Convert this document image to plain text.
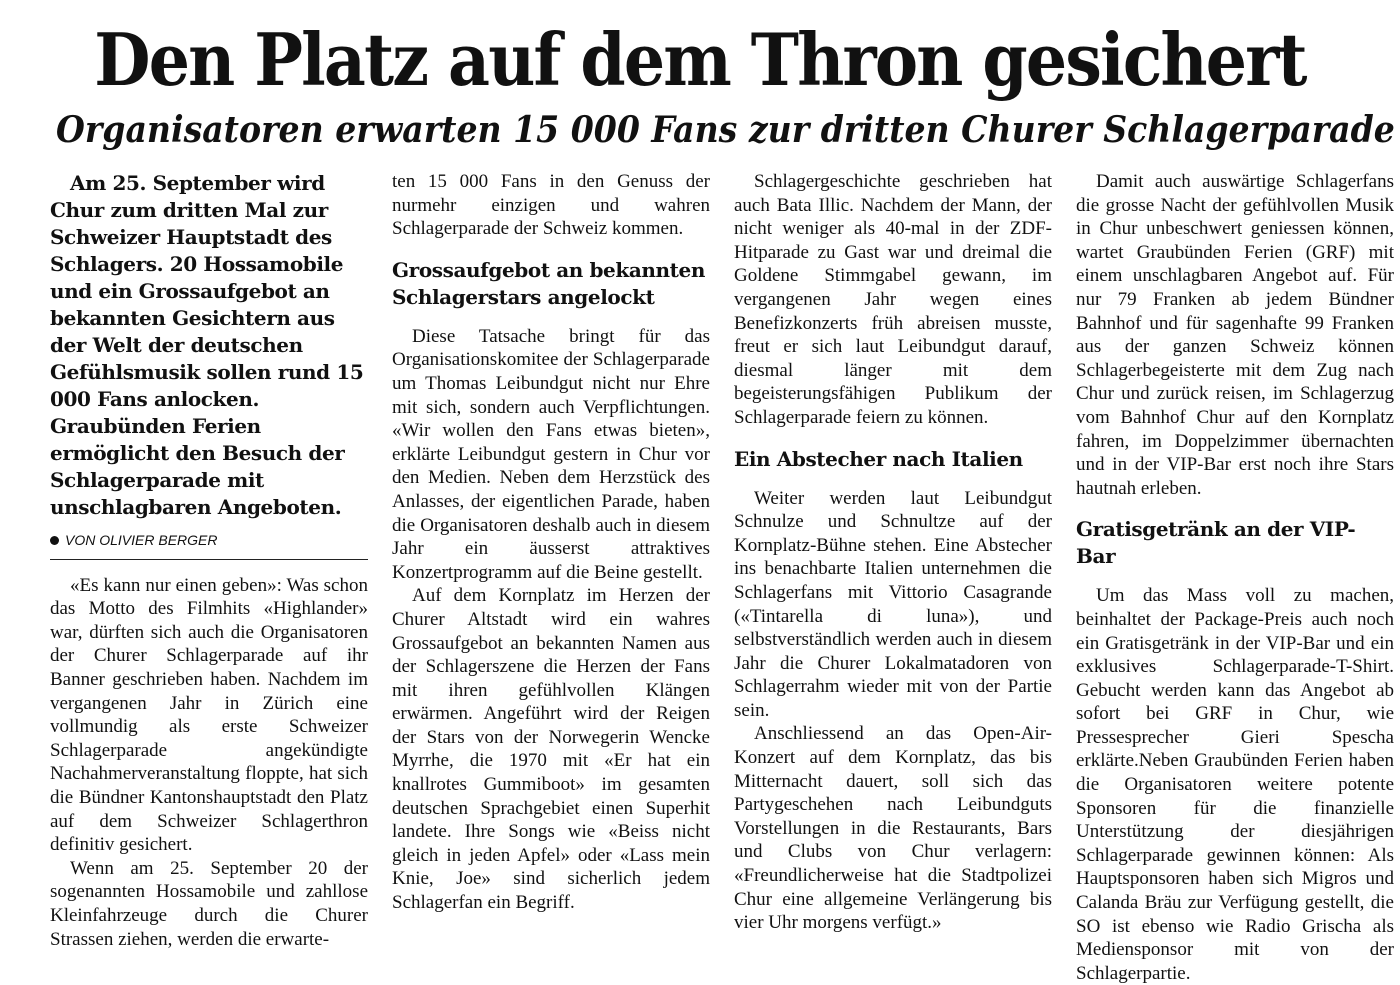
Den Platz auf dem Thron gesichert
Organisatoren erwarten 15 000 Fans zur dritten Churer Schlagerparade

Am 25. September wird Chur zum dritten Mal zur Schweizer Hauptstadt des Schlagers. 20 Hossamobile und ein Grossaufgebot an bekannten Gesichtern aus der Welt der deutschen Gefühlsmusik sollen rund 15 000 Fans anlocken. Graubünden Ferien ermöglicht den Besuch der Schlagerparade mit unschlagbaren Angeboten.

VON OLIVIER BERGER

«Es kann nur einen geben»: Was schon das Motto des Filmhits «Highlander» war, dürften sich auch die Organisatoren der Churer Schlagerparade auf ihr Banner geschrieben haben. Nachdem im vergangenen Jahr in Zürich eine vollmundig als erste Schweizer Schlagerparade angekündigte Nachahmerveranstaltung floppte, hat sich die Bündner Kantonshauptstadt den Platz auf dem Schweizer Schlagerthron definitiv gesichert.

Wenn am 25. September 20 der sogenannten Hossamobile und zahllose Kleinfahrzeuge durch die Churer Strassen ziehen, werden die erwarte-

ten 15 000 Fans in den Genuss der nurmehr einzigen und wahren Schlagerparade der Schweiz kommen.

Grossaufgebot an bekannten Schlagerstars angelockt

Diese Tatsache bringt für das Organisationskomitee der Schlagerparade um Thomas Leibundgut nicht nur Ehre mit sich, sondern auch Verpflichtungen. «Wir wollen den Fans etwas bieten», erklärte Leibundgut gestern in Chur vor den Medien. Neben dem Herzstück des Anlasses, der eigentlichen Parade, haben die Organisatoren deshalb auch in diesem Jahr ein äusserst attraktives Konzertprogramm auf die Beine gestellt.

Auf dem Kornplatz im Herzen der Churer Altstadt wird ein wahres Grossaufgebot an bekannten Namen aus der Schlagerszene die Herzen der Fans mit ihren gefühlvollen Klängen erwärmen. Angeführt wird der Reigen der Stars von der Norwegerin Wencke Myrrhe, die 1970 mit «Er hat ein knallrotes Gummiboot» im gesamten deutschen Sprachgebiet einen Superhit landete. Ihre Songs wie «Beiss nicht gleich in jeden Apfel» oder «Lass mein Knie, Joe» sind sicherlich jedem Schlagerfan ein Begriff.

Schlagergeschichte geschrieben hat auch Bata Illic. Nachdem der Mann, der nicht weniger als 40-mal in der ZDF-Hitparade zu Gast war und dreimal die Goldene Stimmgabel gewann, im vergangenen Jahr wegen eines Benefizkonzerts früh abreisen musste, freut er sich laut Leibundgut darauf, diesmal länger mit dem begeisterungsfähigen Publikum der Schlagerparade feiern zu können.

Ein Abstecher nach Italien

Weiter werden laut Leibundgut Schnulze und Schnultze auf der Kornplatz-Bühne stehen. Eine Abstecher ins benachbarte Italien unternehmen die Schlagerfans mit Vittorio Casagrande («Tintarella di luna»), und selbstverständlich werden auch in diesem Jahr die Churer Lokalmatadoren von Schlagerrahm wieder mit von der Partie sein.

Anschliessend an das Open-Air-Konzert auf dem Kornplatz, das bis Mitternacht dauert, soll sich das Partygeschehen nach Leibundguts Vorstellungen in die Restaurants, Bars und Clubs von Chur verlagern: «Freundlicherweise hat die Stadtpolizei Chur eine allgemeine Verlängerung bis vier Uhr morgens verfügt.»

Damit auch auswärtige Schlagerfans die grosse Nacht der gefühlvollen Musik in Chur unbeschwert geniessen können, wartet Graubünden Ferien (GRF) mit einem unschlagbaren Angebot auf. Für nur 79 Franken ab jedem Bündner Bahnhof und für sagenhafte 99 Franken aus der ganzen Schweiz können Schlagerbegeisterte mit dem Zug nach Chur und zurück reisen, im Schlagerzug vom Bahnhof Chur auf den Kornplatz fahren, im Doppelzimmer übernachten und in der VIP-Bar erst noch ihre Stars hautnah erleben.

Gratisgetränk an der VIP-Bar

Um das Mass voll zu machen, beinhaltet der Package-Preis auch noch ein Gratisgetränk in der VIP-Bar und ein exklusives Schlagerparade-T-Shirt. Gebucht werden kann das Angebot ab sofort bei GRF in Chur, wie Pressesprecher Gieri Spescha erklärte.Neben Graubünden Ferien haben die Organisatoren weitere potente Sponsoren für die finanzielle Unterstützung der diesjährigen Schlagerparade gewinnen können: Als Hauptsponsoren haben sich Migros und Calanda Bräu zur Verfügung gestellt, die SO ist ebenso wie Radio Grischa als Mediensponsor mit von der Schlagerpartie.
